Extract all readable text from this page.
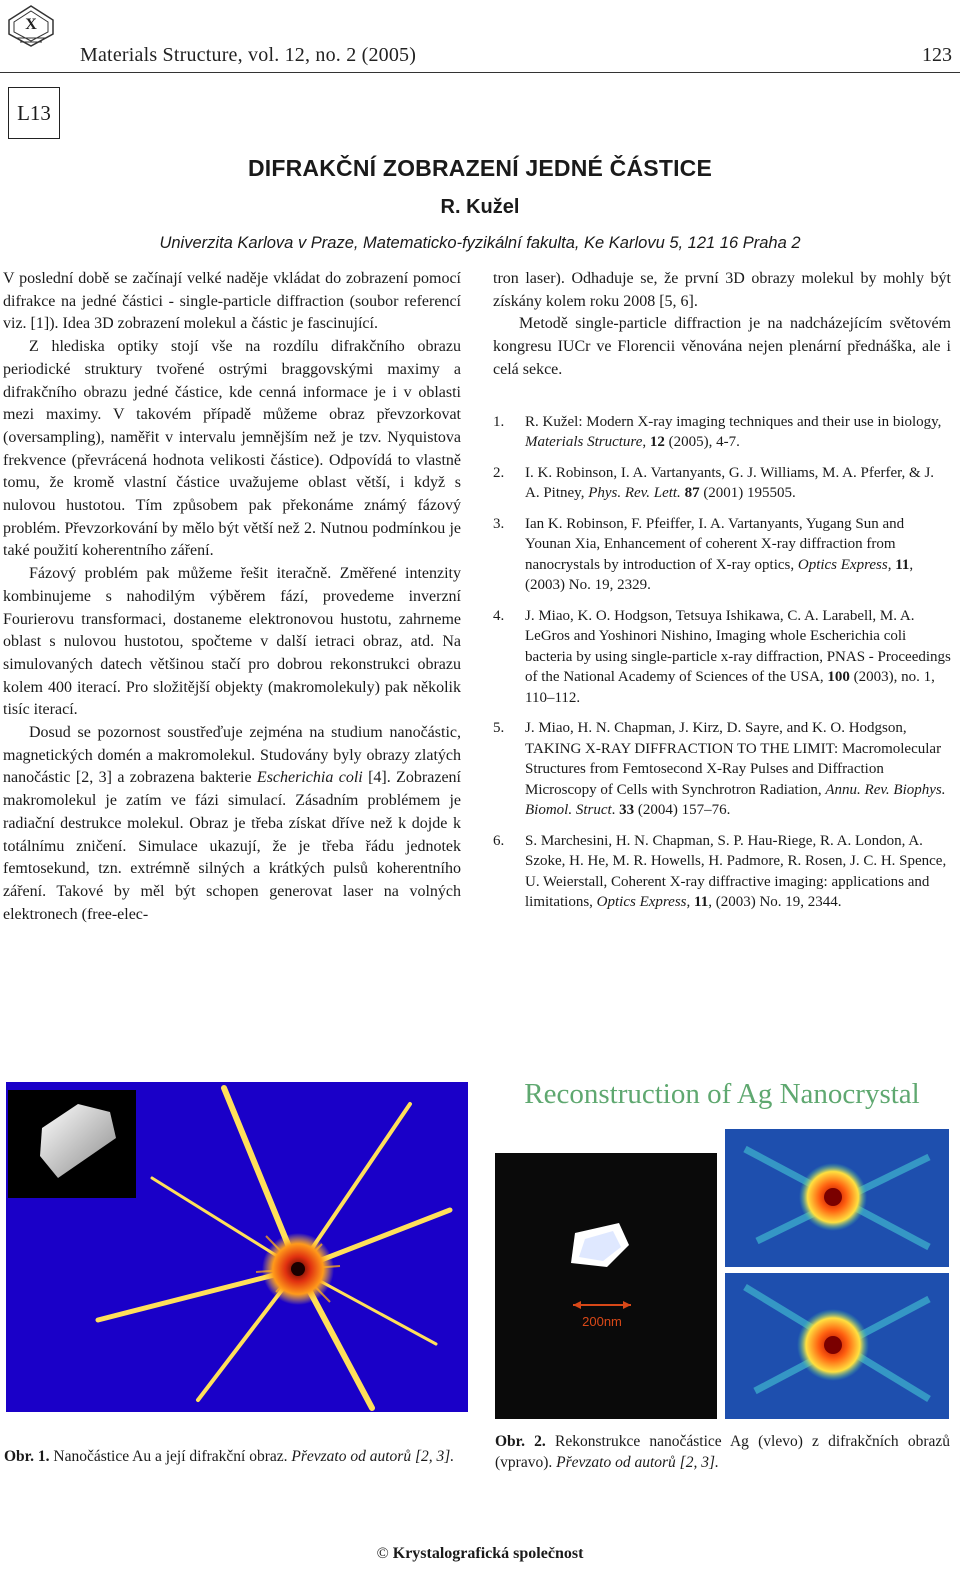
X
Materials Structure, vol. 12, no. 2 (2005)	123
L13
DIFRAKČNÍ ZOBRAZENÍ JEDNÉ ČÁSTICE
R. Kužel
Univerzita Karlova v Praze, Matematicko-fyzikální fakulta, Ke Karlovu 5, 121 16 Praha 2

V poslední době se začínají velké naděje vkládat do zobrazení pomocí difrakce na jedné částici - single-particle diffraction (soubor referencí viz. [1]). Idea 3D zobrazení molekul a částic je fascinující.

Z hlediska optiky stojí vše na rozdílu difrakčního obrazu periodické struktury tvořené ostrými braggovskými maximy a difrakčního obrazu jedné částice, kde cenná informace je i v oblasti mezi maximy. V takovém případě můžeme obraz převzorkovat (oversampling), naměřit v intervalu jemnějším než je tzv. Nyquistova frekvence (převrácená hodnota velikosti částice). Odpovídá to vlastně tomu, že kromě vlastní částice uvažujeme oblast větší, i když s nulovou hustotou. Tím způsobem pak překonáme známý fázový problém. Převzorkování by mělo být větší než 2. Nutnou podmínkou je také použití koherentního záření.

Fázový problém pak můžeme řešit iteračně. Změřené intenzity kombinujeme s nahodilým výběrem fází, provedeme inverzní Fourierovu transformaci, dostaneme elektronovou hustotu, zahrneme oblast s nulovou hustotou, spočteme v další ietraci obraz, atd. Na simulovaných datech většinou stačí pro dobrou rekonstrukci obrazu kolem 400 iterací. Pro složitější objekty (makromolekuly) pak několik tisíc iterací.

Dosud se pozornost soustřeďuje zejména na studium nanočástic, magnetických domén a makromolekul. Studovány byly obrazy zlatých nanočástic [2, 3] a zobrazena bakterie Escherichia coli [4]. Zobrazení makromolekul je zatím ve fázi simulací. Zásadním problémem je radiační destrukce molekul. Obraz je třeba získat dříve než k dojde k totálnímu zničení. Simulace ukazují, že je třeba řádu jednotek femtosekund, tzn. extrémně silných a krátkých pulsů koherentního záření. Takové by měl být schopen generovat laser na volných elektronech (free-elec-

tron laser). Odhaduje se, že první 3D obrazy molekul by mohly být získány kolem roku 2008 [5, 6].

Metodě single-particle diffraction je na nadcházejícím světovém kongresu IUCr ve Florencii věnována nejen plenární přednáška, ale i celá sekce.

1. R. Kužel: Modern X-ray imaging techniques and their use in biology, Materials Structure, 12 (2005), 4-7.
2. I. K. Robinson, I. A. Vartanyants, G. J. Williams, M. A. Pferfer, & J. A. Pitney, Phys. Rev. Lett. 87 (2001) 195505.
3. Ian K. Robinson, F. Pfeiffer, I. A. Vartanyants, Yugang Sun and Younan Xia, Enhancement of coherent X-ray diffraction from nanocrystals by introduction of X-ray optics, Optics Express, 11, (2003) No. 19, 2329.
4. J. Miao, K. O. Hodgson, Tetsuya Ishikawa, C. A. Larabell, M. A. LeGros and Yoshinori Nishino, Imaging whole Escherichia coli bacteria by using single-particle x-ray diffraction, PNAS - Proceedings of the National Academy of Sciences of the USA, 100 (2003), no. 1, 110–112.
5. J. Miao, H. N. Chapman, J. Kirz, D. Sayre, and K. O. Hodgson, TAKING X-RAY DIFFRACTION TO THE LIMIT: Macromolecular Structures from Femtosecond X-Ray Pulses and Diffraction Microscopy of Cells with Synchrotron Radiation, Annu. Rev. Biophys. Biomol. Struct. 33 (2004) 157–76.
6. S. Marchesini, H. N. Chapman, S. P. Hau-Riege, R. A. London, A. Szoke, H. He, M. R. Howells, H. Padmore, R. Rosen, J. C. H. Spence, U. Weierstall, Coherent X-ray diffractive imaging: applications and limitations, Optics Express, 11, (2003) No. 19, 2344.
Reconstruction of Ag Nanocrystal
200nm
Obr. 1. Nanočástice Au a její difrakční obraz. Převzato od autorů [2, 3].
Obr. 2. Rekonstrukce nanočástice Ag (vlevo) z difrakčních obrazů (vpravo). Převzato od autorů [2, 3].
© Krystalografická společnost
